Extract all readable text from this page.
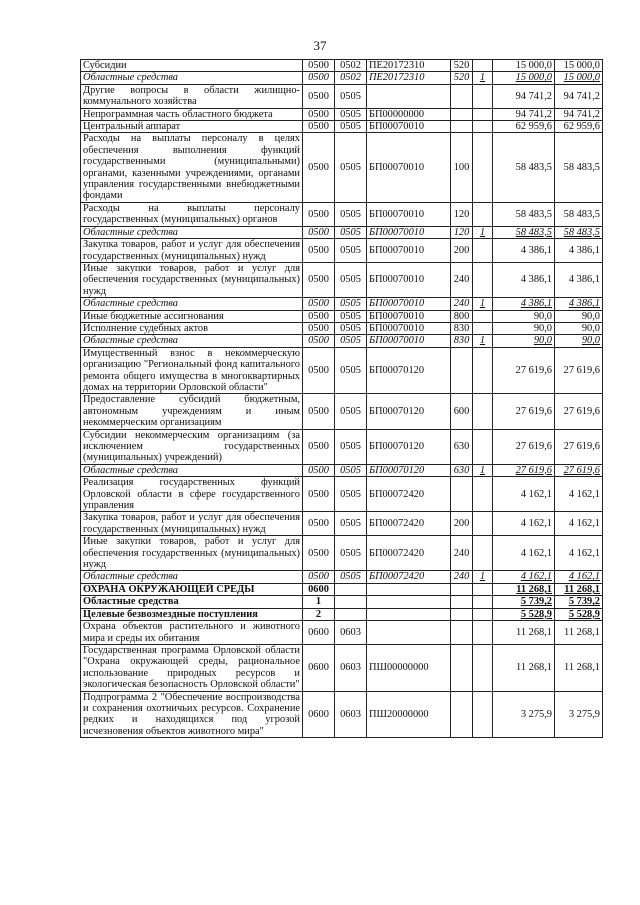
37
Субсидии	0500	0502	ПЕ20172310	520		15 000,0	15 000,0
Областные средства	0500	0502	ПЕ20172310	520	1	15 000,0	15 000,0
Другие вопросы в области жилищно-коммунального хозяйства	0500	0505				94 741,2	94 741,2
Непрограммная часть областного бюджета	0500	0505	БП00000000			94 741,2	94 741,2
Центральный аппарат	0500	0505	БП00070010			62 959,6	62 959,6
Расходы на выплаты персоналу в целях обеспечения выполнения функций государственными (муниципальными) органами, казенными учреждениями, органами управления государственными внебюджетными фондами	0500	0505	БП00070010	100		58 483,5	58 483,5
Расходы на выплаты персоналу государственных (муниципальных) органов	0500	0505	БП00070010	120		58 483,5	58 483,5
Областные средства	0500	0505	БП00070010	120	1	58 483,5	58 483,5
Закупка товаров, работ и услуг для обеспечения государственных (муниципальных) нужд	0500	0505	БП00070010	200		4 386,1	4 386,1
Иные закупки товаров, работ и услуг для обеспечения государственных (муниципальных) нужд	0500	0505	БП00070010	240		4 386,1	4 386,1
Областные средства	0500	0505	БП00070010	240	1	4 386,1	4 386,1
Иные бюджетные ассигнования	0500	0505	БП00070010	800		90,0	90,0
Исполнение судебных актов	0500	0505	БП00070010	830		90,0	90,0
Областные средства	0500	0505	БП00070010	830	1	90,0	90,0
Имущественный взнос в некоммерческую организацию "Региональный фонд капитального ремонта общего имущества в многоквартирных домах на территории Орловской области"	0500	0505	БП00070120			27 619,6	27 619,6
Предоставление субсидий бюджетным, автономным учреждениям и иным некоммерческим организациям	0500	0505	БП00070120	600		27 619,6	27 619,6
Субсидии некоммерческим организациям (за исключением государственных (муниципальных) учреждений)	0500	0505	БП00070120	630		27 619,6	27 619,6
Областные средства	0500	0505	БП00070120	630	1	27 619,6	27 619,6
Реализация государственных функций Орловской области в сфере государственного управления	0500	0505	БП00072420			4 162,1	4 162,1
Закупка товаров, работ и услуг для обеспечения государственных (муниципальных) нужд	0500	0505	БП00072420	200		4 162,1	4 162,1
Иные закупки товаров, работ и услуг для обеспечения государственных (муниципальных) нужд	0500	0505	БП00072420	240		4 162,1	4 162,1
Областные средства	0500	0505	БП00072420	240	1	4 162,1	4 162,1
ОХРАНА ОКРУЖАЮЩЕЙ СРЕДЫ	0600					11 268,1	11 268,1
Областные средства	1					5 739,2	5 739,2
Целевые безвозмездные поступления	2					5 528,9	5 528,9
Охрана объектов растительного и животного мира и среды их обитания	0600	0603				11 268,1	11 268,1
Государственная программа Орловской области "Охрана окружающей среды, рациональное использование природных ресурсов и экологическая безопасность Орловской области"	0600	0603	ПШ00000000			11 268,1	11 268,1
Подпрограмма 2 "Обеспечение воспроизводства и сохранения охотничьих ресурсов. Сохранение редких и находящихся под угрозой исчезновения объектов животного мира"	0600	0603	ПШ20000000			3 275,9	3 275,9
